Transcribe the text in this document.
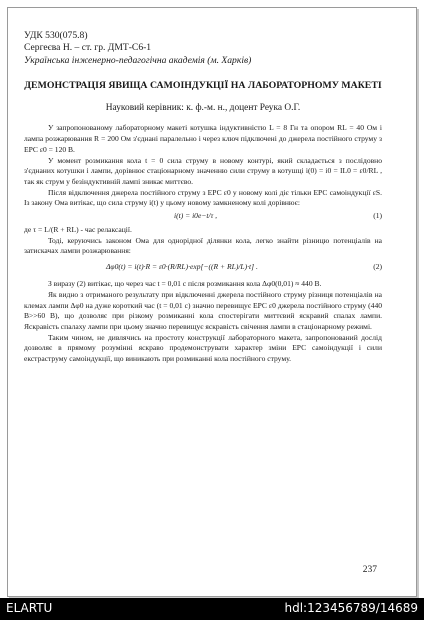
УДК 530(075.8)
Сергеєва Н. – ст. гр. ДМТ-С6-1
Українська інженерно-педагогічна академія (м. Харків)
ДЕМОНСТРАЦІЯ ЯВИЩА САМОІНДУКЦІЇ НА ЛАБОРАТОРНОМУ МАКЕТІ
Науковий керівник: к. ф.-м. н., доцент Реука О.Г.

У запропонованому лабораторному макеті котушка індуктивністю L = 8 Гн та опором RL = 40 Ом і лампа розжарювання R = 200 Ом з'єднані паралельно і через ключ підключені до джерела постійного струму з ЕРС ε0 = 120 В.

У момент розмикання кола t = 0 сила струму в новому контурі, який складається з послідовно з'єднаних котушки і лампи, дорівнює стаціонарному значенню сили струму в котушці i(0) = i0 = IL0 = ε0/RL , так як струм у безіндуктивній лампі зникає миттєво.

Після відключення джерела постійного струму з ЕРС ε0 у новому колі діє тільки ЕРС самоіндукції εS. Із закону Ома витікає, що сила струму i(t) у цьому новому замкненому колі дорівнює:

i(t) = i0e−t/τ ,	(1)

де τ = L/(R + RL) - час релаксації.

Тоді, керуючись законом Ома для однорідної ділянки кола, легко знайти різницю потенціалів на затискачах лампи розжарювання:

Δφ0(t) = i(t)·R = ε0·(R/RL)·exp[−((R + RL)/L)·t] .	(2)

З виразу (2) витікає, що через час t = 0,01 с після розмикання кола Δφ0(0,01) ≈ 440 В.

Як видно з отриманого результату при відключенні джерела постійного струму різниця потенціалів на клемах лампи Δφ0 на дуже короткий час (t = 0,01 с) значно перевищує ЕРС ε0 джерела постійного струму (440 В>>60 В), що дозволяє при різкому розмиканні кола спостерігати миттєвий яскравий спалах лампи. Яскравість спалаху лампи при цьому значно перевищує яскравість свічення лампи в стаціонарному режимі.

Таким чином, не дивлячись на простоту конструкції лабораторного макета, запропонований дослід дозволяє в прямому розумінні яскраво продемонструвати характер зміни ЕРС самоіндукції і сили екстраструму самоіндукції, що виникають при розмиканні кола постійного струму.

237
ELARTU	hdl:123456789/14689
